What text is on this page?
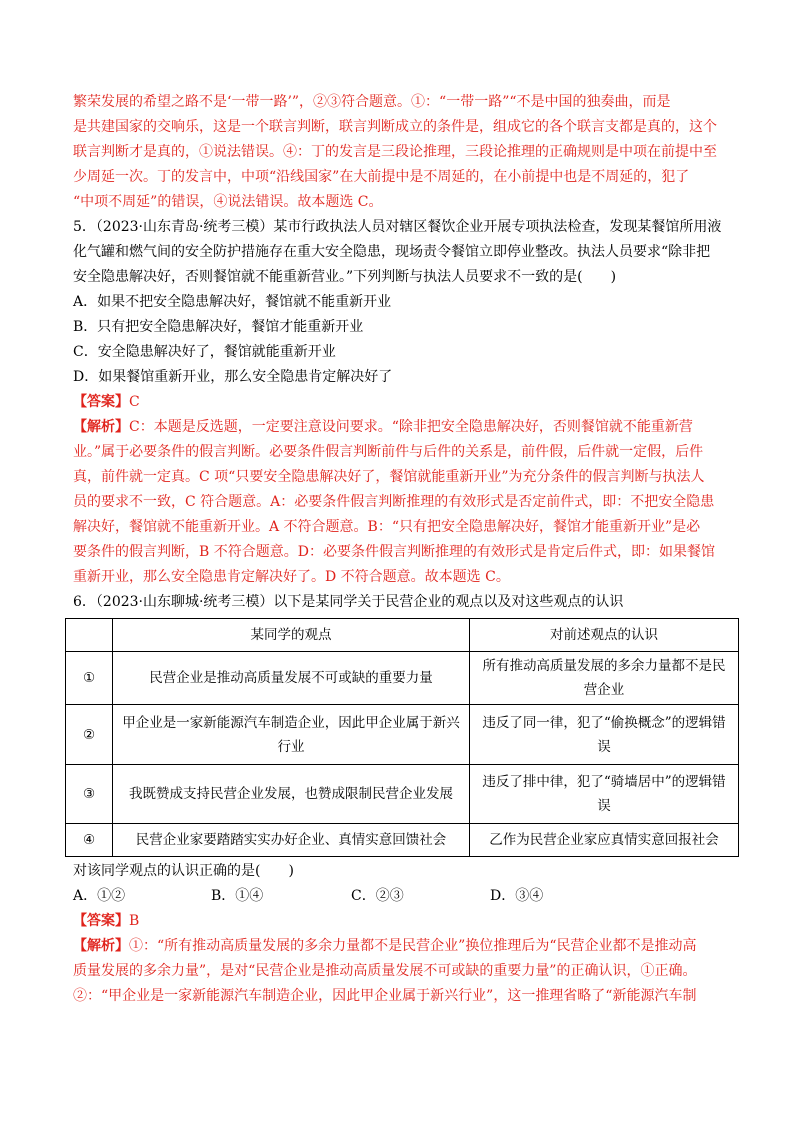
繁荣发展的希望之路不是‘一带一路’”，②③符合题意。①：“一带一路”“不是中国的独奏曲，而是

是共建国家的交响乐，这是一个联言判断，联言判断成立的条件是，组成它的各个联言支都是真的，这个

联言判断才是真的，①说法错误。④：丁的发言是三段论推理，三段论推理的正确规则是中项在前提中至

少周延一次。丁的发言中，中项“沿线国家”在大前提中是不周延的，在小前提中也是不周延的，犯了

“中项不周延”的错误，④说法错误。故本题选 C。

5．（2023·山东青岛·统考三模）某市行政执法人员对辖区餐饮企业开展专项执法检查，发现某餐馆所用液

化气罐和燃气间的安全防护措施存在重大安全隐患，现场责令餐馆立即停业整改。执法人员要求“除非把

安全隐患解决好，否则餐馆就不能重新营业。”下列判断与执法人员要求不一致的是(　　)

A．如果不把安全隐患解决好，餐馆就不能重新开业

B．只有把安全隐患解决好，餐馆才能重新开业

C．安全隐患解决好了，餐馆就能重新开业

D．如果餐馆重新开业，那么安全隐患肯定解决好了

【答案】C

【解析】C：本题是反选题，一定要注意设问要求。“除非把安全隐患解决好，否则餐馆就不能重新营

业。”属于必要条件的假言判断。必要条件假言判断前件与后件的关系是，前件假，后件就一定假，后件

真，前件就一定真。C 项“只要安全隐患解决好了，餐馆就能重新开业”为充分条件的假言判断与执法人

员的要求不一致，C 符合题意。A：必要条件假言判断推理的有效形式是否定前件式，即：不把安全隐患

解决好，餐馆就不能重新开业。A 不符合题意。B：“只有把安全隐患解决好，餐馆才能重新开业”是必

要条件的假言判断，B 不符合题意。D：必要条件假言判断推理的有效形式是肯定后件式，即：如果餐馆

重新开业，那么安全隐患肯定解决好了。D 不符合题意。故本题选 C。

6．（2023·山东聊城·统考三模）以下是某同学关于民营企业的观点以及对这些观点的认识

	某同学的观点	对前述观点的认识
①	民营企业是推动高质量发展不可或缺的重要力量	所有推动高质量发展的多余力量都不是民营企业
②	甲企业是一家新能源汽车制造企业，因此甲企业属于新兴行业	违反了同一律，犯了“偷换概念”的逻辑错误
③	我既赞成支持民营企业发展，也赞成限制民营企业发展	违反了排中律，犯了“骑墙居中”的逻辑错误
④	民营企业家要踏踏实实办好企业、真情实意回馈社会	乙作为民营企业家应真情实意回报社会

对该同学观点的认识正确的是(　　)

A．①②	B．①④	C．②③	D．③④

【答案】B

【解析】①：“所有推动高质量发展的多余力量都不是民营企业”换位推理后为“民营企业都不是推动高

质量发展的多余力量”，是对“民营企业是推动高质量发展不可或缺的重要力量”的正确认识，①正确。

②：“甲企业是一家新能源汽车制造企业，因此甲企业属于新兴行业”，这一推理省略了“新能源汽车制
